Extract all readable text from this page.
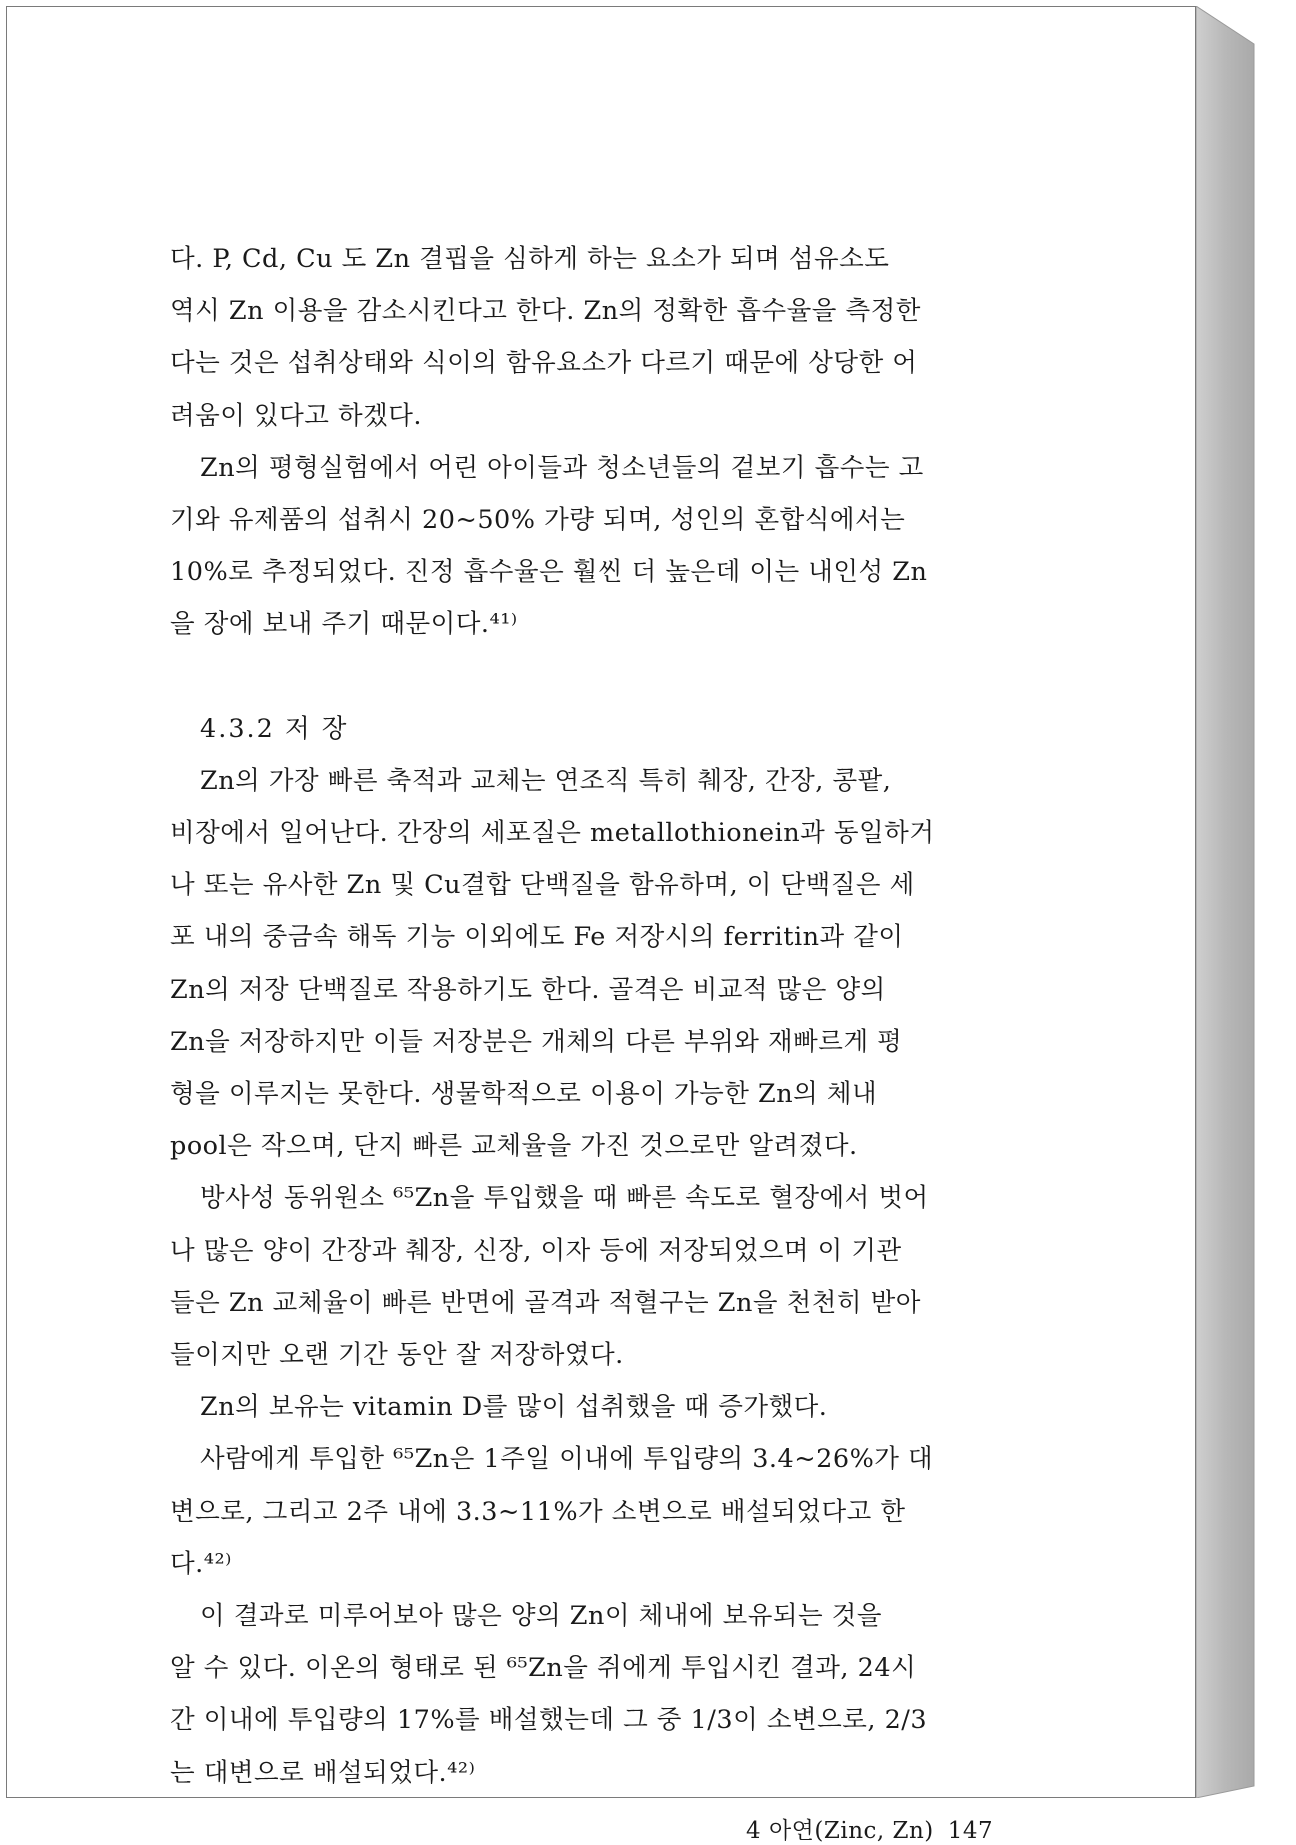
다. P, Cd, Cu 도 Zn 결핍을 심하게 하는 요소가 되며 섬유소도
역시 Zn 이용을 감소시킨다고 한다. Zn의 정확한 흡수율을 측정한
다는 것은 섭취상태와 식이의 함유요소가 다르기 때문에 상당한 어
려움이 있다고 하겠다.
Zn의 평형실험에서 어린 아이들과 청소년들의 겉보기 흡수는 고
기와 유제품의 섭취시 20~50% 가량 되며, 성인의 혼합식에서는
10%로 추정되었다. 진정 흡수율은 훨씬 더 높은데 이는 내인성 Zn
을 장에 보내 주기 때문이다.⁴¹⁾
4.3.2 저 장
Zn의 가장 빠른 축적과 교체는 연조직 특히 췌장, 간장, 콩팥,
비장에서 일어난다. 간장의 세포질은 metallothionein과 동일하거
나 또는 유사한 Zn 및 Cu결합 단백질을 함유하며, 이 단백질은 세
포 내의 중금속 해독 기능 이외에도 Fe 저장시의 ferritin과 같이
Zn의 저장 단백질로 작용하기도 한다. 골격은 비교적 많은 양의
Zn을 저장하지만 이들 저장분은 개체의 다른 부위와 재빠르게 평
형을 이루지는 못한다. 생물학적으로 이용이 가능한 Zn의 체내
pool은 작으며, 단지 빠른 교체율을 가진 것으로만 알려졌다.
방사성 동위원소 ⁶⁵Zn을 투입했을 때 빠른 속도로 혈장에서 벗어
나 많은 양이 간장과 췌장, 신장, 이자 등에 저장되었으며 이 기관
들은 Zn 교체율이 빠른 반면에 골격과 적혈구는 Zn을 천천히 받아
들이지만 오랜 기간 동안 잘 저장하였다.
Zn의 보유는 vitamin D를 많이 섭취했을 때 증가했다.
사람에게 투입한 ⁶⁵Zn은 1주일 이내에 투입량의 3.4~26%가 대
변으로, 그리고 2주 내에 3.3~11%가 소변으로 배설되었다고 한
다.⁴²⁾
이 결과로 미루어보아 많은 양의 Zn이 체내에 보유되는 것을
알 수 있다. 이온의 형태로 된 ⁶⁵Zn을 쥐에게 투입시킨 결과, 24시
간 이내에 투입량의 17%를 배설했는데 그 중 1/3이 소변으로, 2/3
는 대변으로 배설되었다.⁴²⁾
4 아연(Zinc, Zn) 147
